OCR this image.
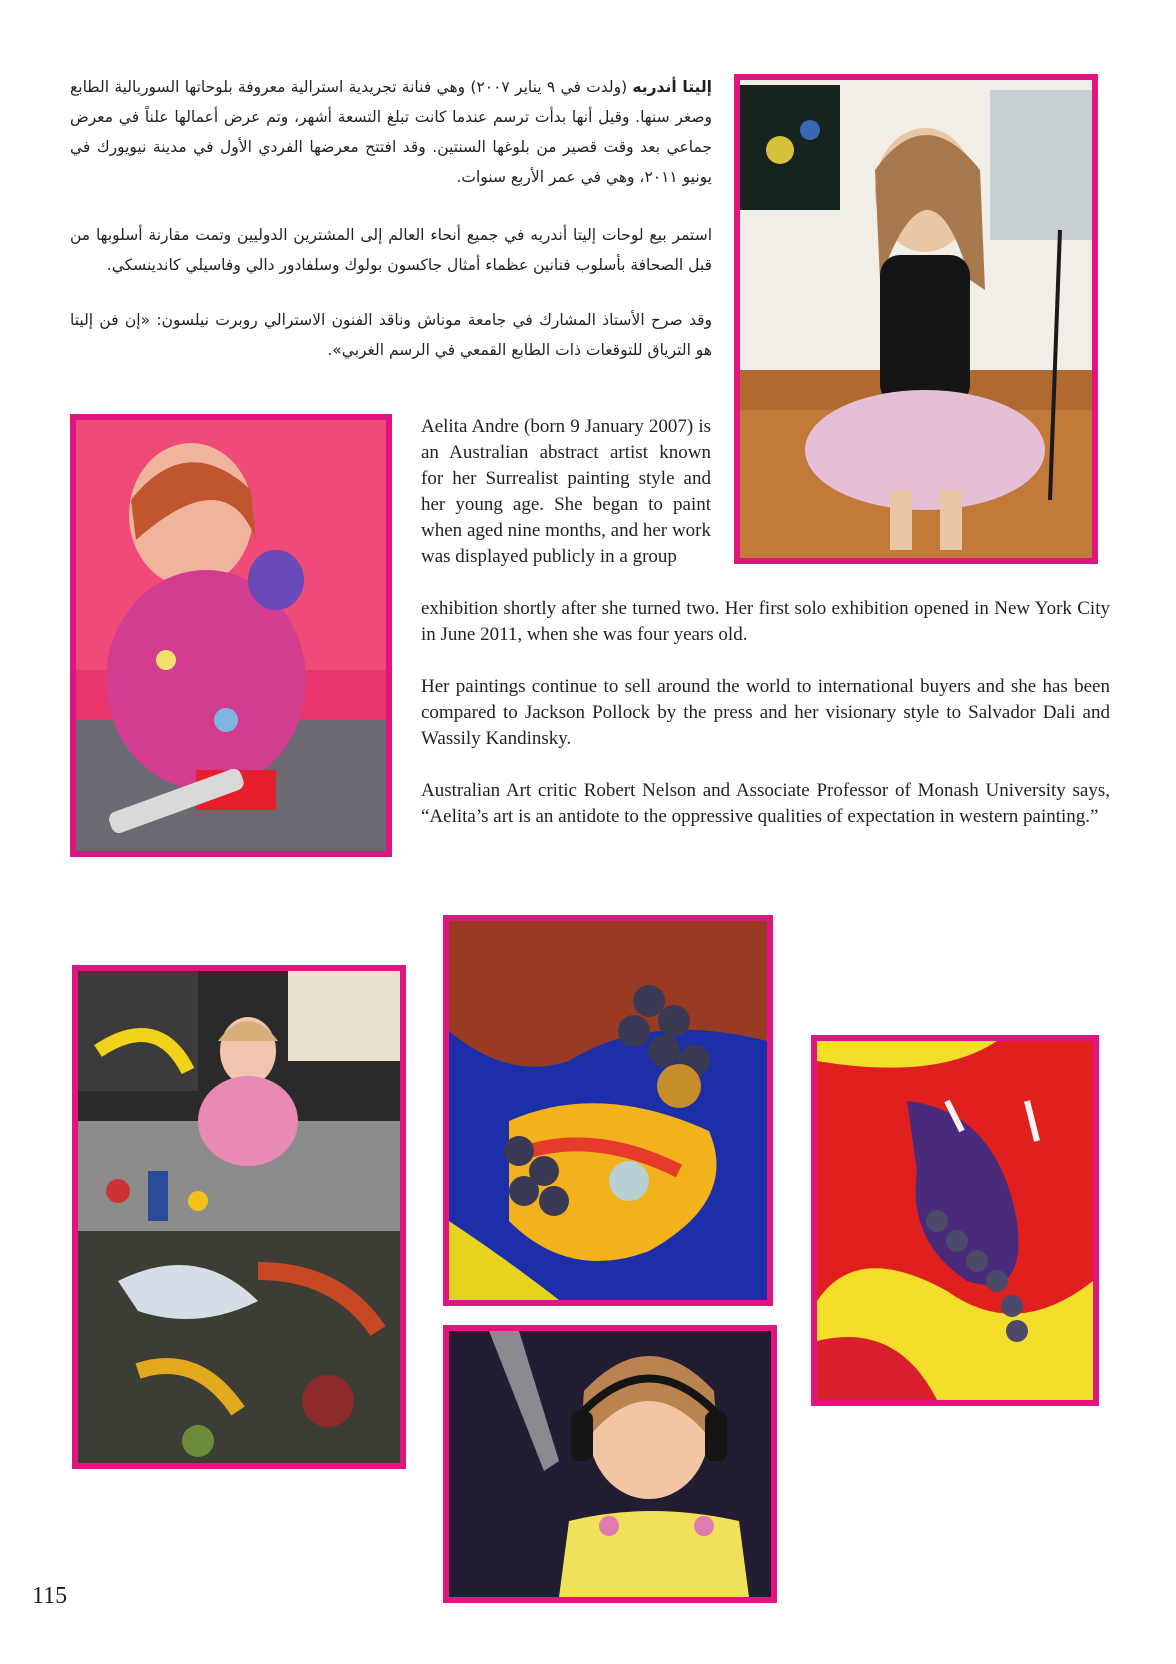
إليتا أندريه (ولدت في ٩ يناير ٢٠٠٧) وهي فنانة تجريدية استرالية معروفة بلوحاتها السوريالية الطابع وصغر سنها. وقيل أنها بدأت ترسم عندما كانت تبلغ التسعة أشهر، وتم عرض أعمالها علناً في معرض جماعي بعد وقت قصير من بلوغها السنتين. وقد افتتح معرضها الفردي الأول في مدينة نيويورك في يونيو ٢٠١١، وهي في عمر الأربع سنوات.

استمر بيع لوحات إليتا أندريه في جميع أنحاء العالم إلى المشترين الدوليين وتمت مقارنة أسلوبها من قبل الصحافة بأسلوب فنانين عظماء أمثال جاكسون بولوك وسلفادور دالي وفاسيلي كاندينسكي.

وقد صرح الأستاذ المشارك في جامعة موناش وناقد الفنون الاسترالي روبرت نيلسون: «إن فن إليتا هو الترياق للتوقعات ذات الطابع القمعي في الرسم الغربي».

Aelita Andre (born 9 January 2007) is an Australian abstract artist known for her Surrealist painting style and her young age. She began to paint when aged nine months, and her work was displayed publicly in a group

exhibition shortly after she turned two. Her first solo exhibition opened in New York City in June 2011, when she was four years old.

Her paintings continue to sell around the world to international buyers and she has been compared to Jackson Pollock by the press and her visionary style to Salvador Dali and Wassily Kandinsky.

Australian Art critic Robert Nelson and Associate Professor of Monash University says, “Aelita’s art is an antidote to the oppressive qualities of expectation in western painting.”

115
